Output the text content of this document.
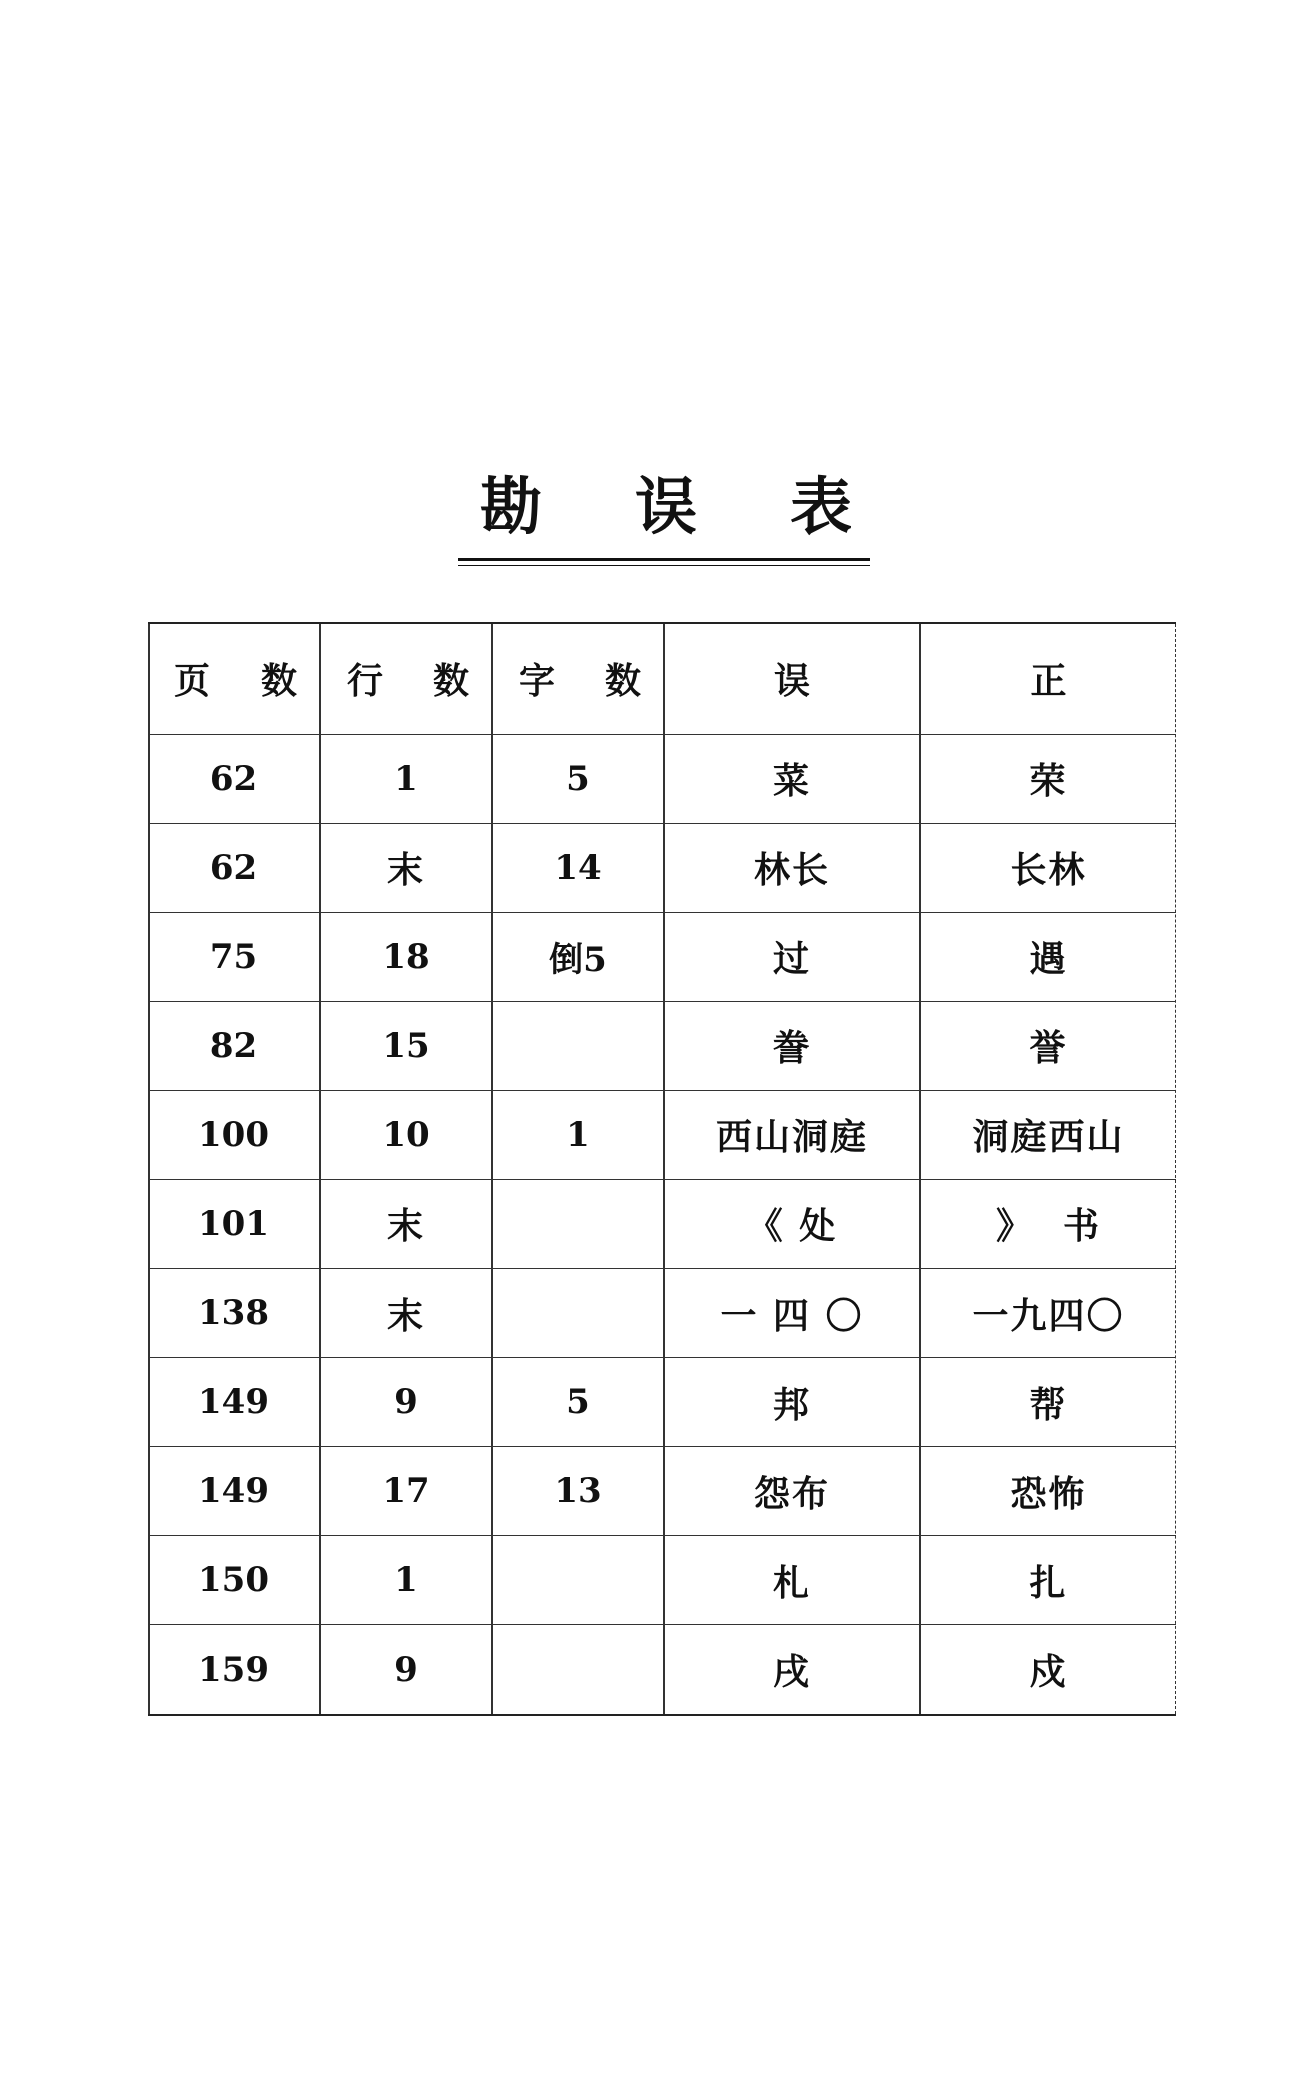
勘 误 表
页 数	行 数	字 数	误	正
62	1	5	菜	荣
62	末	14	林长	长林
75	18	倒5	过	遇
82	15		誊	誉
100	10	1	西山洞庭	洞庭西山
101	末		《 处	》  书
138	末		一 四 〇	一九四〇
149	9	5	邦	帮
149	17	13	怨布	恐怖
150	1		札	扎
159	9		戌	戍
